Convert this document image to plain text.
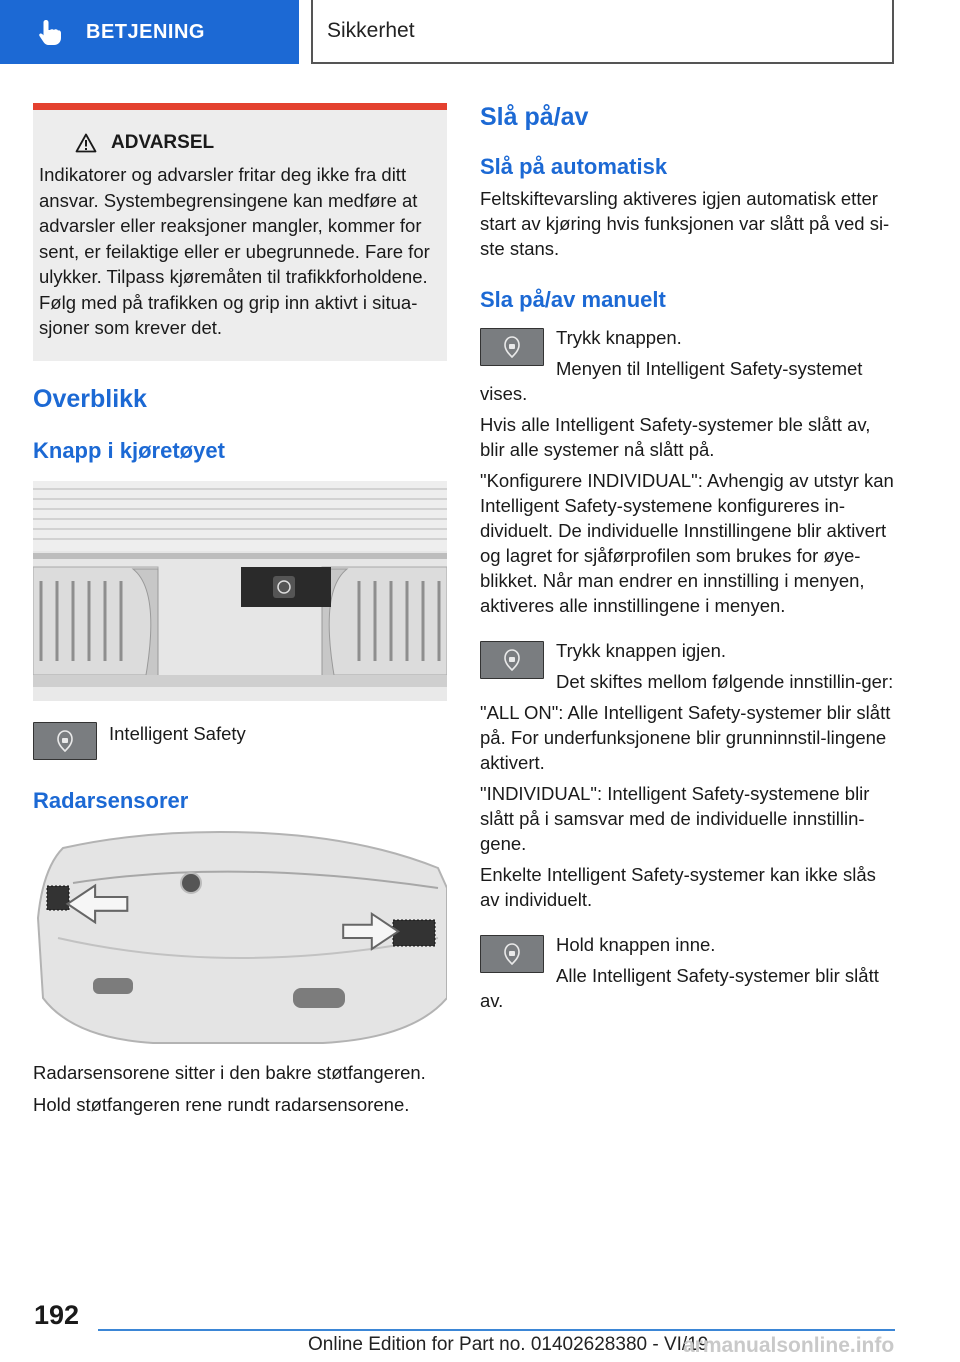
BETJENING	Sikkerhet
ADVARSEL
Indikatorer og advarsler fritar deg ikke fra ditt ansvar. Systembegrensingene kan medføre at advarsler eller reaksjoner mangler, kommer for sent, er feilaktige eller er ubegrunnede. Fare for ulykker. Tilpass kjøremåten til trafikkforholdene. Følg med på trafikken og grip inn aktivt i situa-sjoner som krever det.
Overblikk
Knapp i kjøretøyet

Intelligent Safety

Radarsensorer

Radarsensorene sitter i den bakre støtfangeren.

Hold støtfangeren rene rundt radarsensorene.

Slå på/av
Slå på automatisk

Feltskiftevarsling aktiveres igjen automatisk etter start av kjøring hvis funksjonen var slått på ved si-ste stans.

Sla på/av manuelt

Trykk knappen.

Menyen til Intelligent Safety-systemet vises.

Hvis alle Intelligent Safety-systemer ble slått av, blir alle systemer nå slått på.

"Konfigurere INDIVIDUAL": Avhengig av utstyr kan Intelligent Safety-systemene konfigureres in-dividuelt. De individuelle Innstillingene blir aktivert og lagret for sjåførprofilen som brukes for øye-blikket. Når man endrer en innstilling i menyen, aktiveres alle innstillingene i menyen.

Trykk knappen igjen.

Det skiftes mellom følgende innstillin-ger:

"ALL ON": Alle Intelligent Safety-systemer blir slått på. For underfunksjonene blir grunninnstil-lingene aktivert.

"INDIVIDUAL": Intelligent Safety-systemene blir slått på i samsvar med de individuelle innstillin-gene.

Enkelte Intelligent Safety-systemer kan ikke slås av individuelt.

Hold knappen inne.

Alle Intelligent Safety-systemer blir slått av.

192
Online Edition for Part no. 01402628380 - VI/19
armanualsonline.info
